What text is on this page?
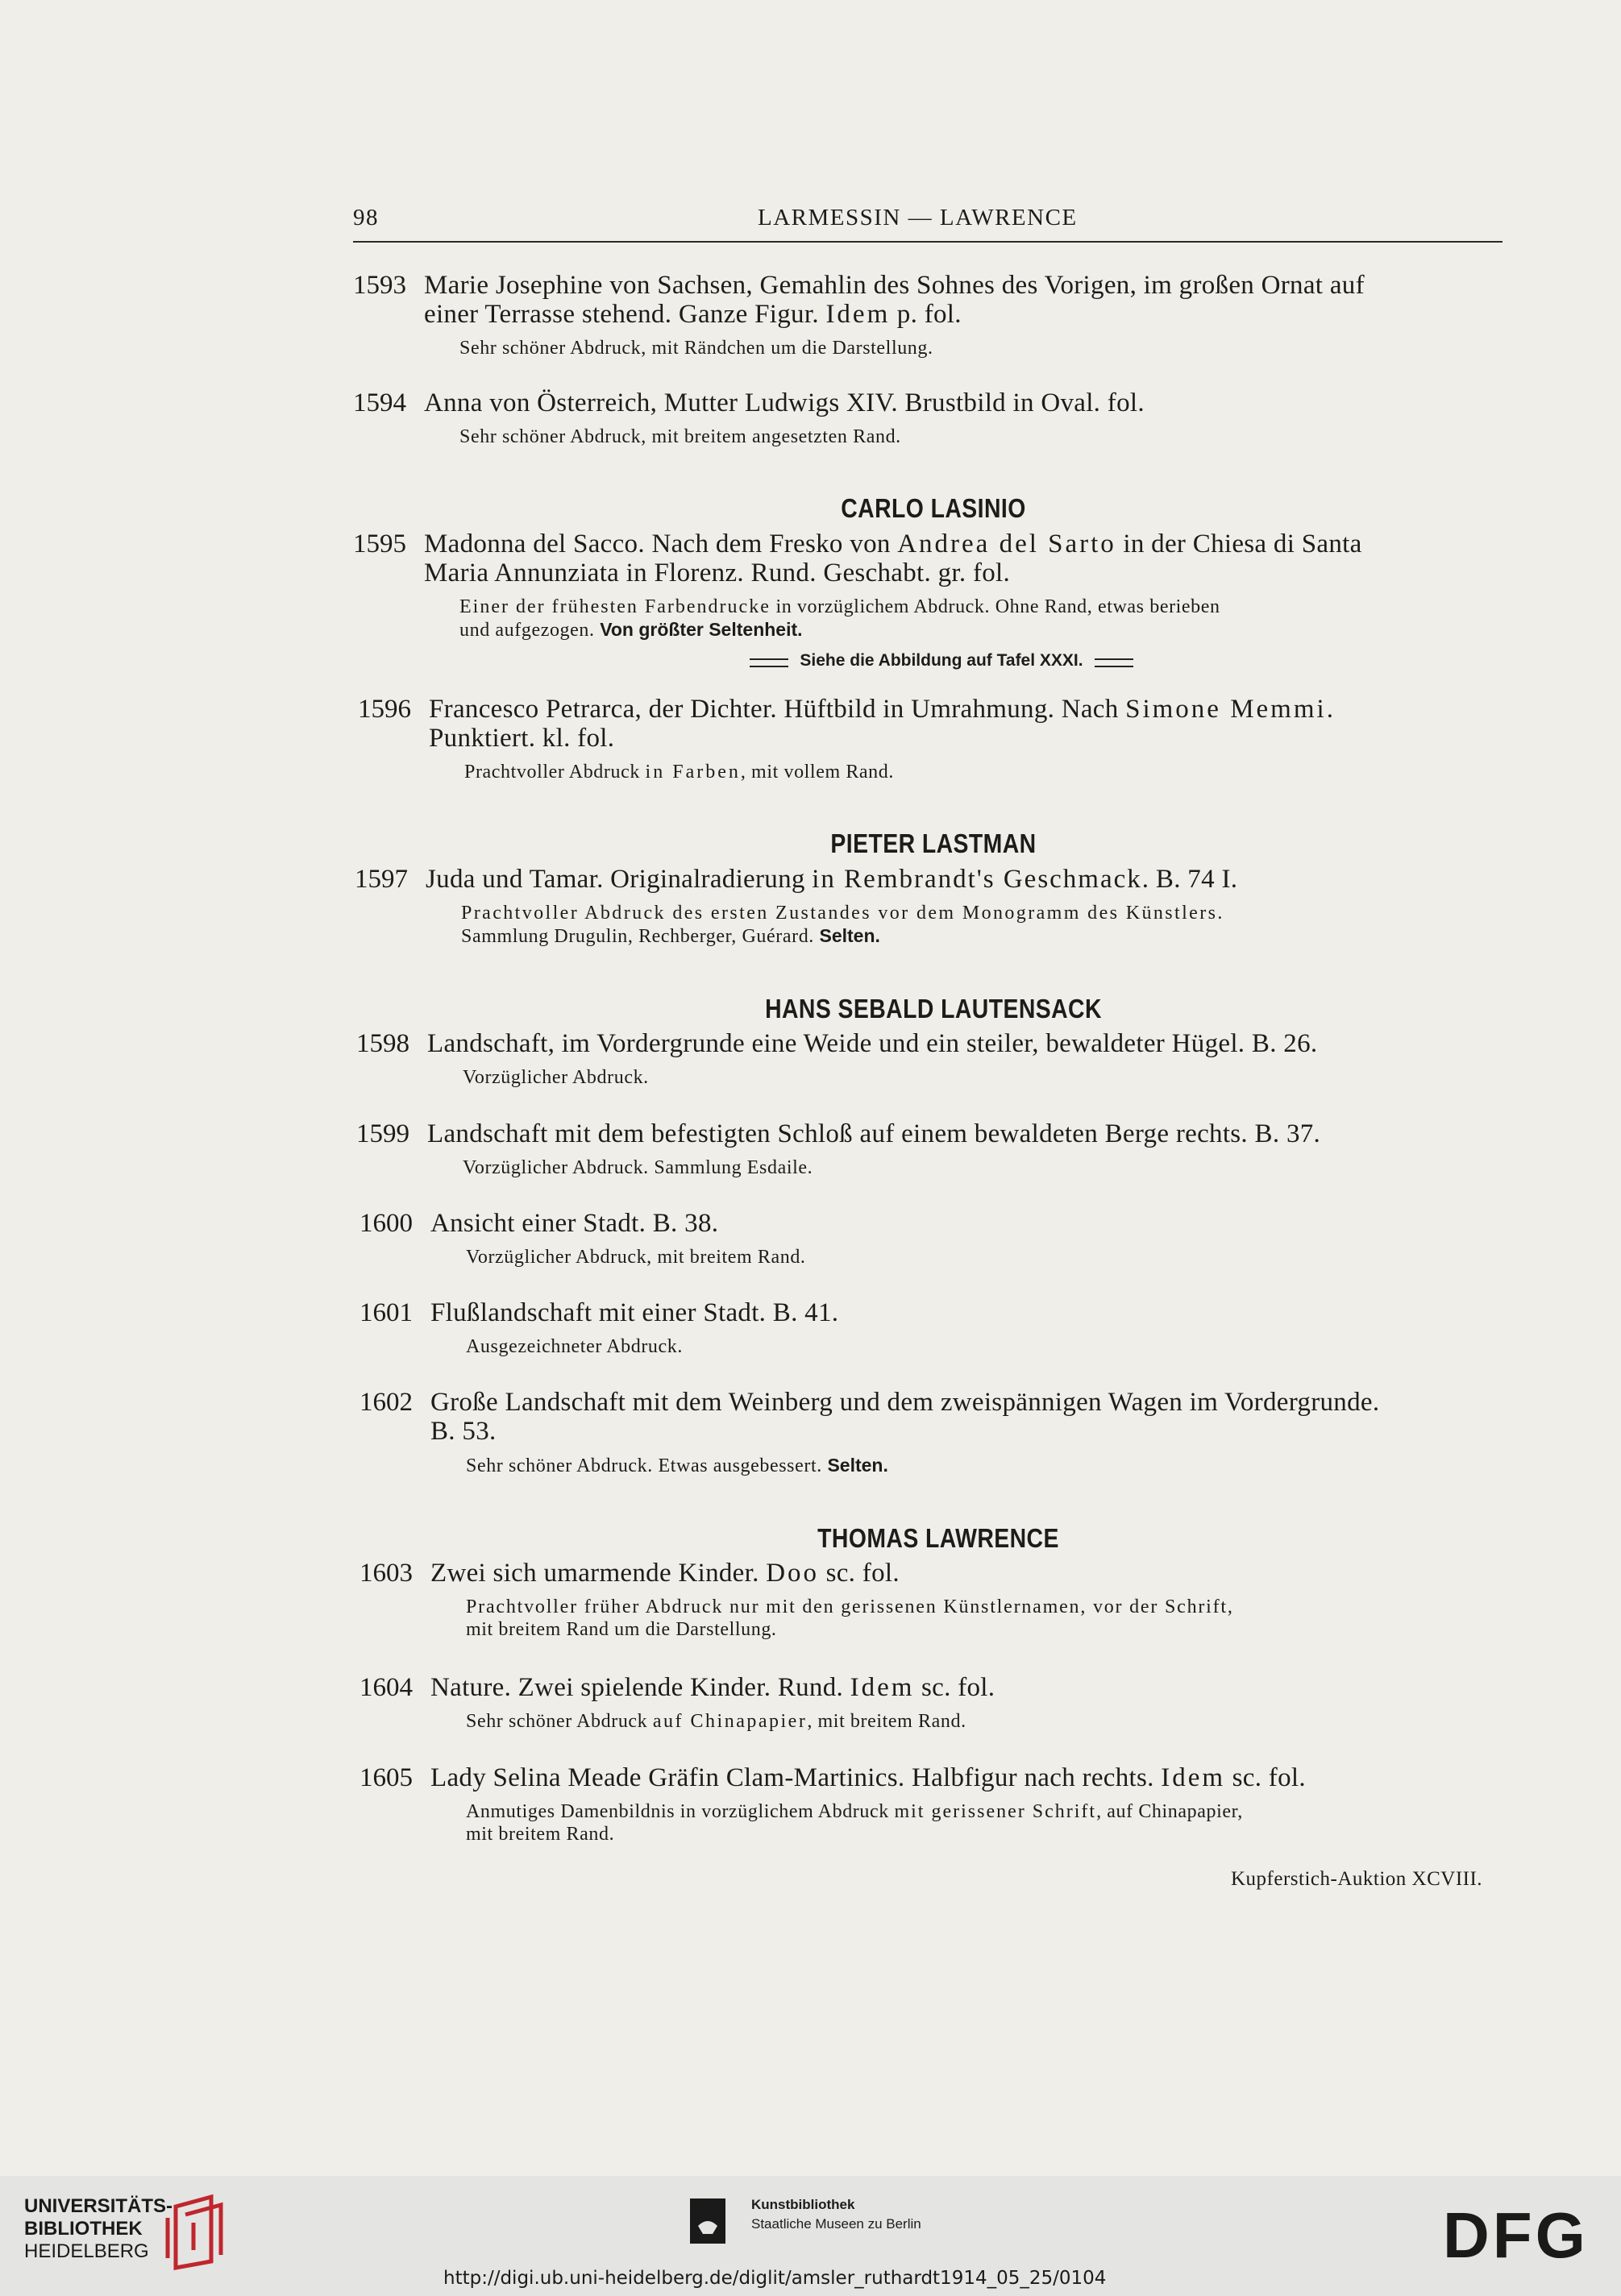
98	LARMESSIN — LAWRENCE
1593 Marie Josephine von Sachsen, Gemahlin des Sohnes des Vorigen, im großen Ornat auf
einer Terrasse stehend. Ganze Figur. Idem p. fol.
Sehr schöner Abdruck, mit Rändchen um die Darstellung.
1594 Anna von Österreich, Mutter Ludwigs XIV. Brustbild in Oval. fol.
Sehr schöner Abdruck, mit breitem angesetzten Rand.
CARLO LASINIO
1595 Madonna del Sacco. Nach dem Fresko von Andrea del Sarto in der Chiesa di Santa
Maria Annunziata in Florenz. Rund. Geschabt. gr. fol.
Einer der frühesten Farbendrucke in vorzüglichem Abdruck. Ohne Rand, etwas berieben
und aufgezogen. Von größter Seltenheit.
Siehe die Abbildung auf Tafel XXXI.
1596 Francesco Petrarca, der Dichter. Hüftbild in Umrahmung. Nach Simone Memmi.
Punktiert. kl. fol.
Prachtvoller Abdruck in Farben, mit vollem Rand.
PIETER LASTMAN
1597 Juda und Tamar. Originalradierung in Rembrandt's Geschmack. B. 74 I.
Prachtvoller Abdruck des ersten Zustandes vor dem Monogramm des Künstlers.
Sammlung Drugulin, Rechberger, Guérard. Selten.
HANS SEBALD LAUTENSACK
1598 Landschaft, im Vordergrunde eine Weide und ein steiler, bewaldeter Hügel. B. 26.
Vorzüglicher Abdruck.
1599 Landschaft mit dem befestigten Schloß auf einem bewaldeten Berge rechts. B. 37.
Vorzüglicher Abdruck. Sammlung Esdaile.
1600 Ansicht einer Stadt. B. 38.
Vorzüglicher Abdruck, mit breitem Rand.
1601 Flußlandschaft mit einer Stadt. B. 41.
Ausgezeichneter Abdruck.
1602 Große Landschaft mit dem Weinberg und dem zweispännigen Wagen im Vordergrunde.
B. 53.
Sehr schöner Abdruck. Etwas ausgebessert. Selten.
THOMAS LAWRENCE
1603 Zwei sich umarmende Kinder. Doo sc. fol.
Prachtvoller früher Abdruck nur mit den gerissenen Künstlernamen, vor der Schrift,
mit breitem Rand um die Darstellung.
1604 Nature. Zwei spielende Kinder. Rund. Idem sc. fol.
Sehr schöner Abdruck auf Chinapapier, mit breitem Rand.
1605 Lady Selina Meade Gräfin Clam-Martinics. Halbfigur nach rechts. Idem sc. fol.
Anmutiges Damenbildnis in vorzüglichem Abdruck mit gerissener Schrift, auf Chinapapier,
mit breitem Rand.
Kupferstich-Auktion XCVIII.
UNIVERSITÄTS-
BIBLIOTHEK
HEIDELBERG
Kunstbibliothek
Staatliche Museen zu Berlin	DFG
http://digi.ub.uni-heidelberg.de/diglit/amsler_ruthardt1914_05_25/0104
